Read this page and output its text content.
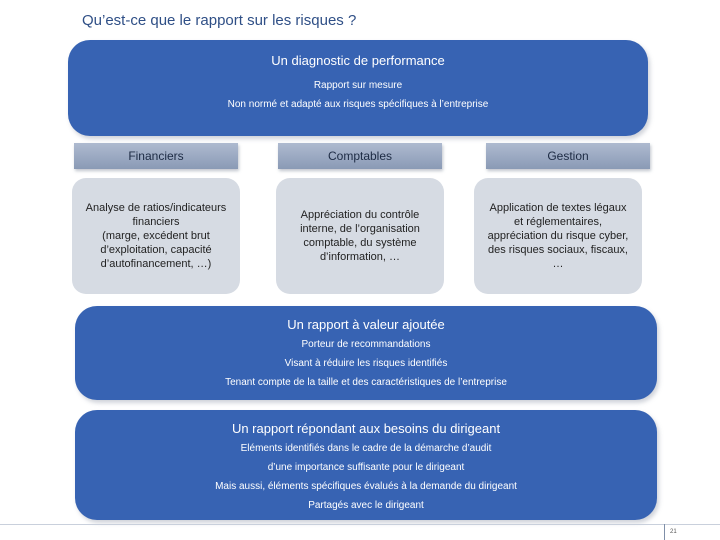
Qu’est-ce que le rapport sur les risques ?
Un diagnostic de performance
Rapport sur mesure
Non normé et adapté aux risques spécifiques à l’entreprise
Financiers	Comptables	Gestion
Analyse de ratios/indicateurs
financiers
(marge, excédent brut
d’exploitation, capacité
d’autofinancement, …)
Appréciation du contrôle
interne, de l’organisation
comptable, du système
d’information, …
Application de textes légaux
et réglementaires,
appréciation du risque cyber,
des risques sociaux, fiscaux,
…
Un rapport à valeur ajoutée
Porteur de recommandations
Visant à réduire les risques identifiés
Tenant compte de la taille et des caractéristiques de l’entreprise
Un rapport répondant aux besoins du dirigeant
Eléments identifiés dans le cadre de la démarche d’audit
d’une importance suffisante pour le dirigeant
Mais aussi, éléments spécifiques évalués à la demande du dirigeant
Partagés avec le dirigeant
21
